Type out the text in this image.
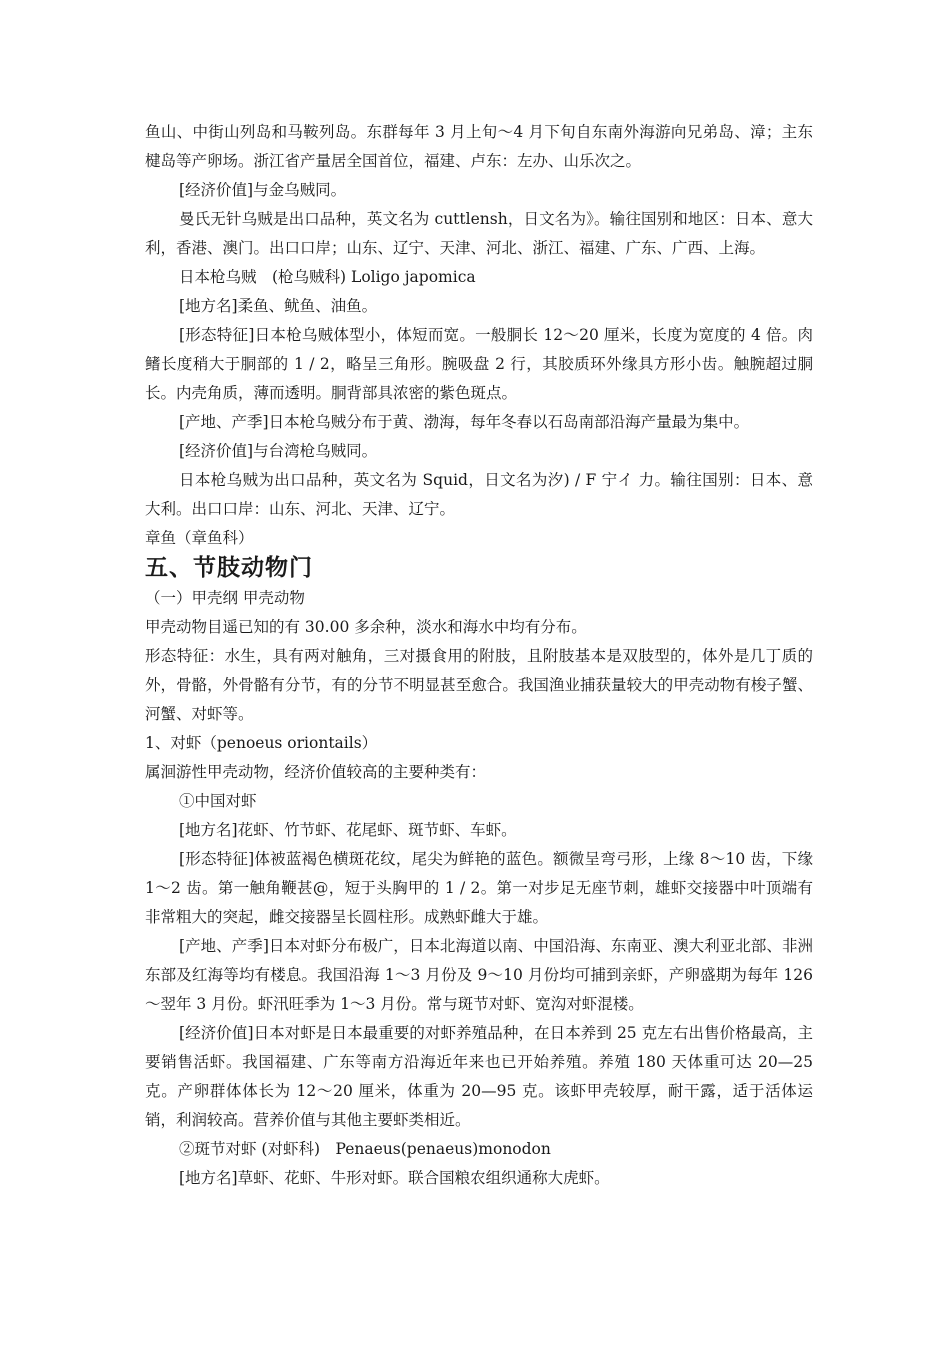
鱼山、中街山列岛和马鞍列岛。东群每年 3 月上旬～4 月下旬自东南外海游向兄弟岛、漳；主东楗岛等产卵场。浙江省产量居全国首位，福建、卢东：左办、山乐次之。

[经济价值]与金乌贼同。

曼氏无针乌贼是出口品种，英文名为 cuttlensh，日文名为》。输往国别和地区：日本、意大利，香港、澳门。出口口岸；山东、辽宁、天津、河北、浙江、福建、广东、广西、上海。

日本枪乌贼　(枪乌贼科) Loligo japomica

[地方名]柔鱼、鱿鱼、油鱼。

[形态特征]日本枪乌贼体型小，体短而宽。一般胴长 12～20 厘米，长度为宽度的 4 倍。肉鳍长度稍大于胴部的 1 / 2，略呈三角形。腕吸盘 2 行，其胶质环外缘具方形小齿。触腕超过胴长。内壳角质，薄而透明。胴背部具浓密的紫色斑点。

[产地、产季]日本枪乌贼分布于黄、渤海，每年冬春以石岛南部沿海产量最为集中。

[经济价值]与台湾枪乌贼同。

日本枪乌贼为出口品种，英文名为 Squid，日文名为汐) / F 宁イ 力。输往国别：日本、意大利。出口口岸：山东、河北、天津、辽宁。

章鱼（章鱼科）

五、节肢动物门

（一）甲壳纲 甲壳动物

甲壳动物目遥已知的有 30.00 多余种，淡水和海水中均有分布。

形态特征：水生，具有两对触角，三对摄食用的附肢，且附肢基本是双肢型的，体外是几丁质的外，骨骼，外骨骼有分节，有的分节不明显甚至愈合。我国渔业捕获量较大的甲壳动物有梭子蟹、河蟹、对虾等。

1、对虾（penoeus oriontails）

属洄游性甲壳动物，经济价值较高的主要种类有：

①中国对虾

[地方名]花虾、竹节虾、花尾虾、斑节虾、车虾。

[形态特征]体被蓝褐色横斑花纹，尾尖为鲜艳的蓝色。额微呈弯弓形，上缘 8～10 齿，下缘 1～2 齿。第一触角鞭甚@，短于头胸甲的 1 / 2。第一对步足无座节刺，雄虾交接器中叶顶端有非常粗大的突起，雌交接器呈长圆柱形。成熟虾雌大于雄。

[产地、产季]日本对虾分布极广，日本北海道以南、中国沿海、东南亚、澳大利亚北部、非洲东部及红海等均有楼息。我国沿海 1～3 月份及 9～10 月份均可捕到亲虾，产卵盛期为每年 126～翌年 3 月份。虾汛旺季为 1～3 月份。常与斑节对虾、宽沟对虾混楼。

[经济价值]日本对虾是日本最重要的对虾养殖品种，在日本养到 25 克左右出售价格最高，主要销售活虾。我国福建、广东等南方沿海近年来也已开始养殖。养殖 180 天体重可达 20—25 克。产卵群体体长为 12～20 厘米，体重为 20—95 克。该虾甲壳较厚，耐干露，适于活体运销，利润较高。营养价值与其他主要虾类相近。

②斑节对虾 (对虾科)　Penaeus(penaeus)monodon

[地方名]草虾、花虾、牛形对虾。联合国粮农组织通称大虎虾。
